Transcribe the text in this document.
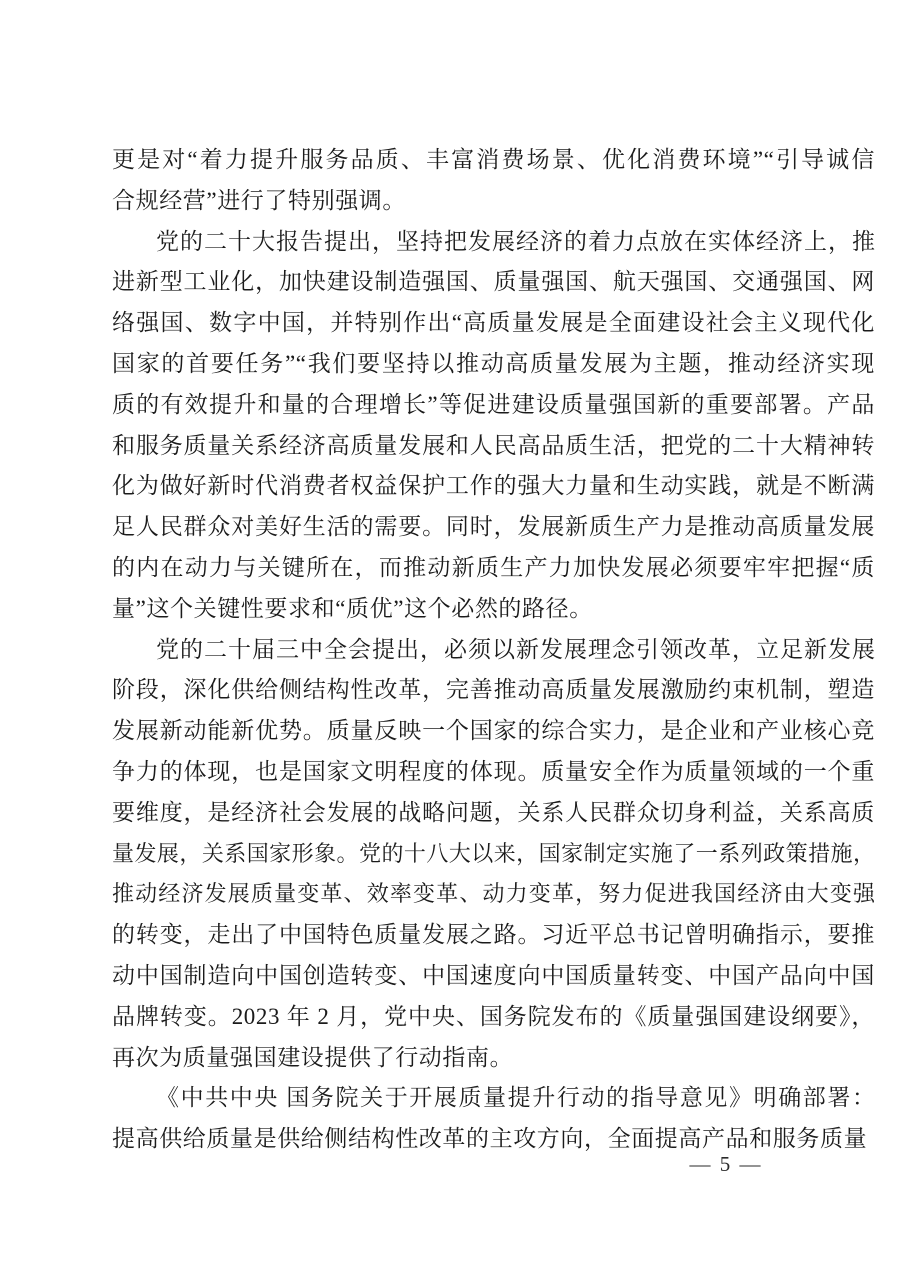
更是对“着力提升服务品质、丰富消费场景、优化消费环境”“引导诚信
合规经营”进行了特别强调。
党的二十大报告提出，坚持把发展经济的着力点放在实体经济上，推
进新型工业化，加快建设制造强国、质量强国、航天强国、交通强国、网
络强国、数字中国，并特别作出“高质量发展是全面建设社会主义现代化
国家的首要任务”“我们要坚持以推动高质量发展为主题，推动经济实现
质的有效提升和量的合理增长”等促进建设质量强国新的重要部署。产品
和服务质量关系经济高质量发展和人民高品质生活，把党的二十大精神转
化为做好新时代消费者权益保护工作的强大力量和生动实践，就是不断满
足人民群众对美好生活的需要。同时，发展新质生产力是推动高质量发展
的内在动力与关键所在，而推动新质生产力加快发展必须要牢牢把握“质
量”这个关键性要求和“质优”这个必然的路径。
党的二十届三中全会提出，必须以新发展理念引领改革，立足新发展
阶段，深化供给侧结构性改革，完善推动高质量发展激励约束机制，塑造
发展新动能新优势。质量反映一个国家的综合实力，是企业和产业核心竞
争力的体现，也是国家文明程度的体现。质量安全作为质量领域的一个重
要维度，是经济社会发展的战略问题，关系人民群众切身利益，关系高质
量发展，关系国家形象。党的十八大以来，国家制定实施了一系列政策措施，
推动经济发展质量变革、效率变革、动力变革，努力促进我国经济由大变强
的转变，走出了中国特色质量发展之路。习近平总书记曾明确指示，要推
动中国制造向中国创造转变、中国速度向中国质量转变、中国产品向中国
品牌转变。2023 年 2 月，党中央、国务院发布的《质量强国建设纲要》，
再次为质量强国建设提供了行动指南。
《中共中央 国务院关于开展质量提升行动的指导意见》明确部署：
提高供给质量是供给侧结构性改革的主攻方向，全面提高产品和服务质量
— 5 —
